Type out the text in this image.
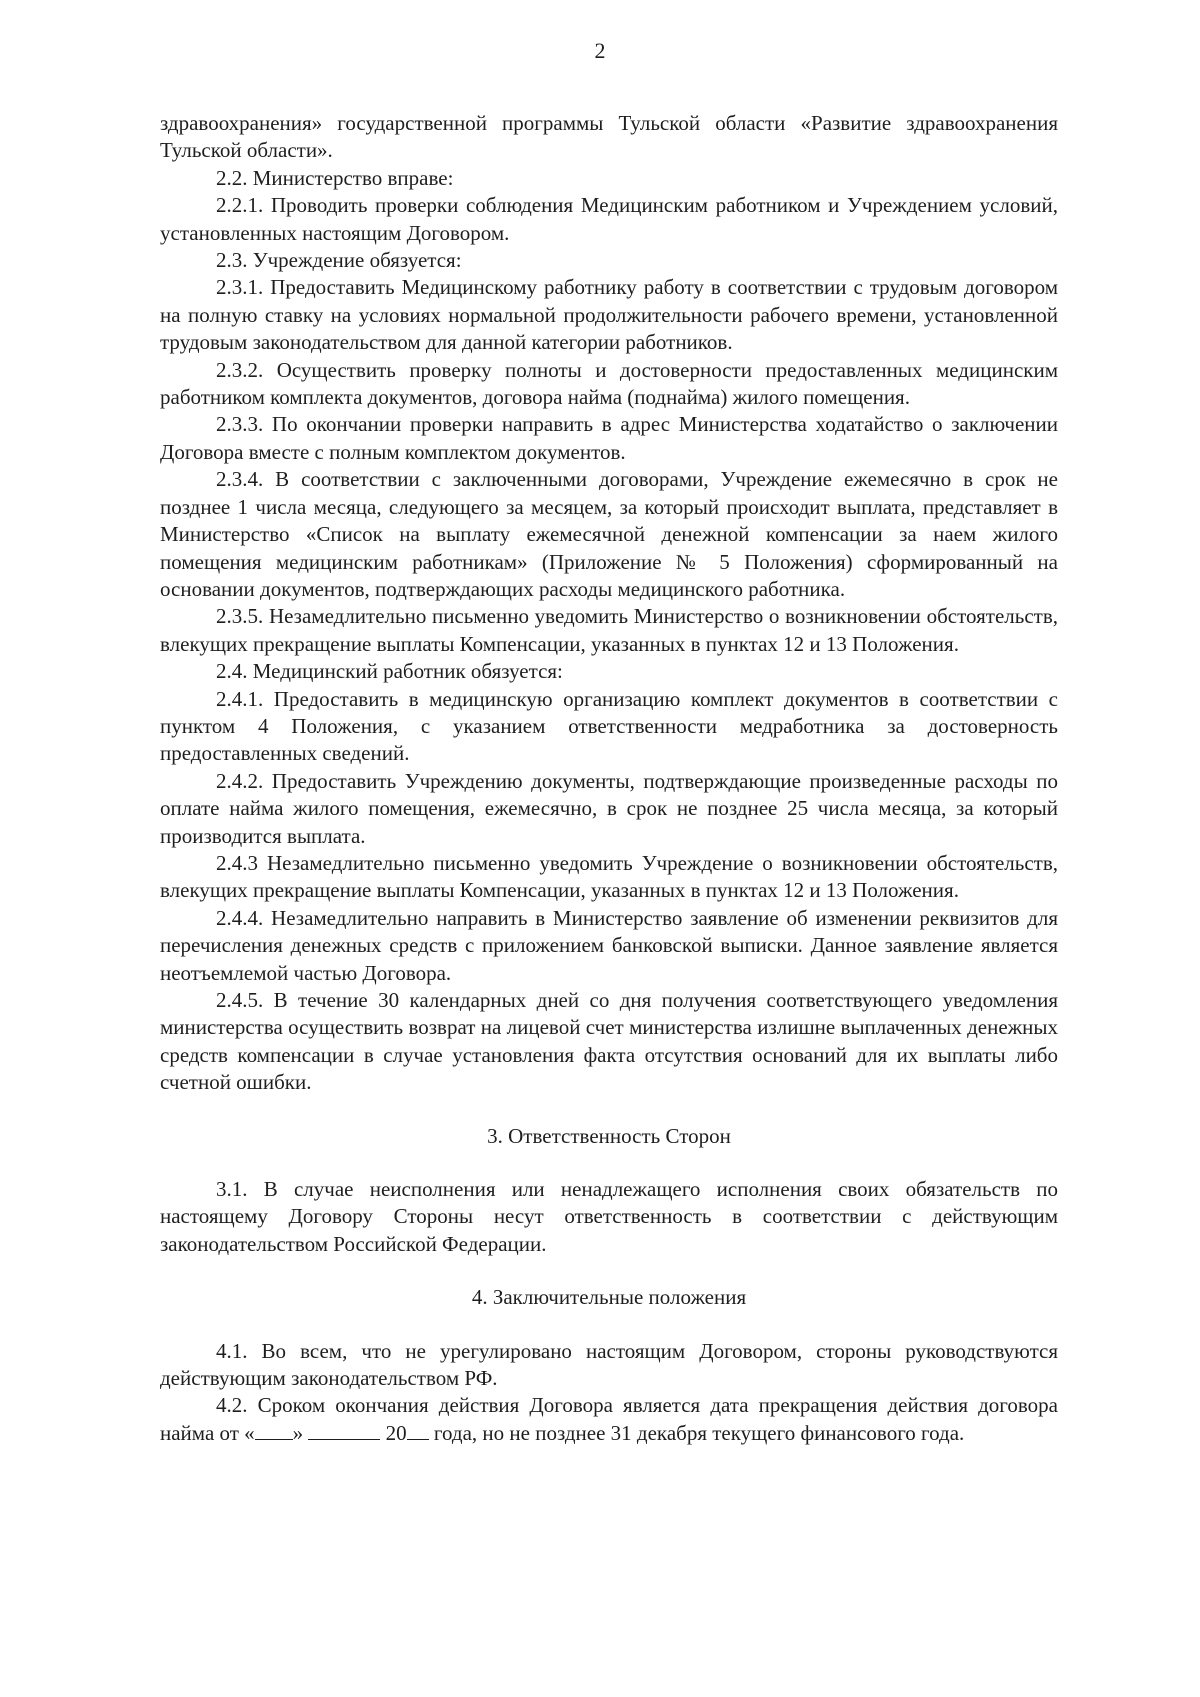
2

здравоохранения» государственной программы Тульской области «Развитие здравоохранения Тульской области».

2.2. Министерство вправе:

2.2.1. Проводить проверки соблюдения Медицинским работником и Учреждением условий, установленных настоящим Договором.

2.3. Учреждение обязуется:

2.3.1. Предоставить Медицинскому работнику работу в соответствии с трудовым договором на полную ставку на условиях нормальной продолжительности рабочего времени, установленной трудовым законодательством для данной категории работников.

2.3.2. Осуществить проверку полноты и достоверности предоставленных медицинским работником комплекта документов, договора найма (поднайма) жилого помещения.

2.3.3. По окончании проверки направить в адрес Министерства ходатайство о заключении Договора вместе с полным комплектом документов.

2.3.4. В соответствии с заключенными договорами, Учреждение ежемесячно в срок не позднее 1 числа месяца, следующего за месяцем, за который происходит выплата, представляет в Министерство «Список на выплату ежемесячной денежной компенсации за наем жилого помещения медицинским работникам» (Приложение № 5 Положения) сформированный на основании документов, подтверждающих расходы медицинского работника.

2.3.5. Незамедлительно письменно уведомить Министерство о возникновении обстоятельств, влекущих прекращение выплаты Компенсации, указанных в пунктах 12 и 13 Положения.

2.4. Медицинский работник обязуется:

2.4.1. Предоставить в медицинскую организацию комплект документов в соответствии с пунктом 4 Положения, с указанием ответственности медработника за достоверность предоставленных сведений.

2.4.2. Предоставить Учреждению документы, подтверждающие произведенные расходы по оплате найма жилого помещения, ежемесячно, в срок не позднее 25 числа месяца, за который производится выплата.

2.4.3 Незамедлительно письменно уведомить Учреждение о возникновении обстоятельств, влекущих прекращение выплаты Компенсации, указанных в пунктах 12 и 13 Положения.

2.4.4. Незамедлительно направить в Министерство заявление об изменении реквизитов для перечисления денежных средств с приложением банковской выписки. Данное заявление является неотъемлемой частью Договора.

2.4.5. В течение 30 календарных дней со дня получения соответствующего уведомления министерства осуществить возврат на лицевой счет министерства излишне выплаченных денежных средств компенсации в случае установления факта отсутствия оснований для их выплаты либо счетной ошибки.

3. Ответственность Сторон

3.1. В случае неисполнения или ненадлежащего исполнения своих обязательств по настоящему Договору Стороны несут ответственность в соответствии с действующим законодательством Российской Федерации.

4. Заключительные положения

4.1. Во всем, что не урегулировано настоящим Договором, стороны руководствуются действующим законодательством РФ.

4.2. Сроком окончания действия Договора является дата прекращения действия договора найма от « »	20 года, но не позднее 31 декабря текущего финансового года.
